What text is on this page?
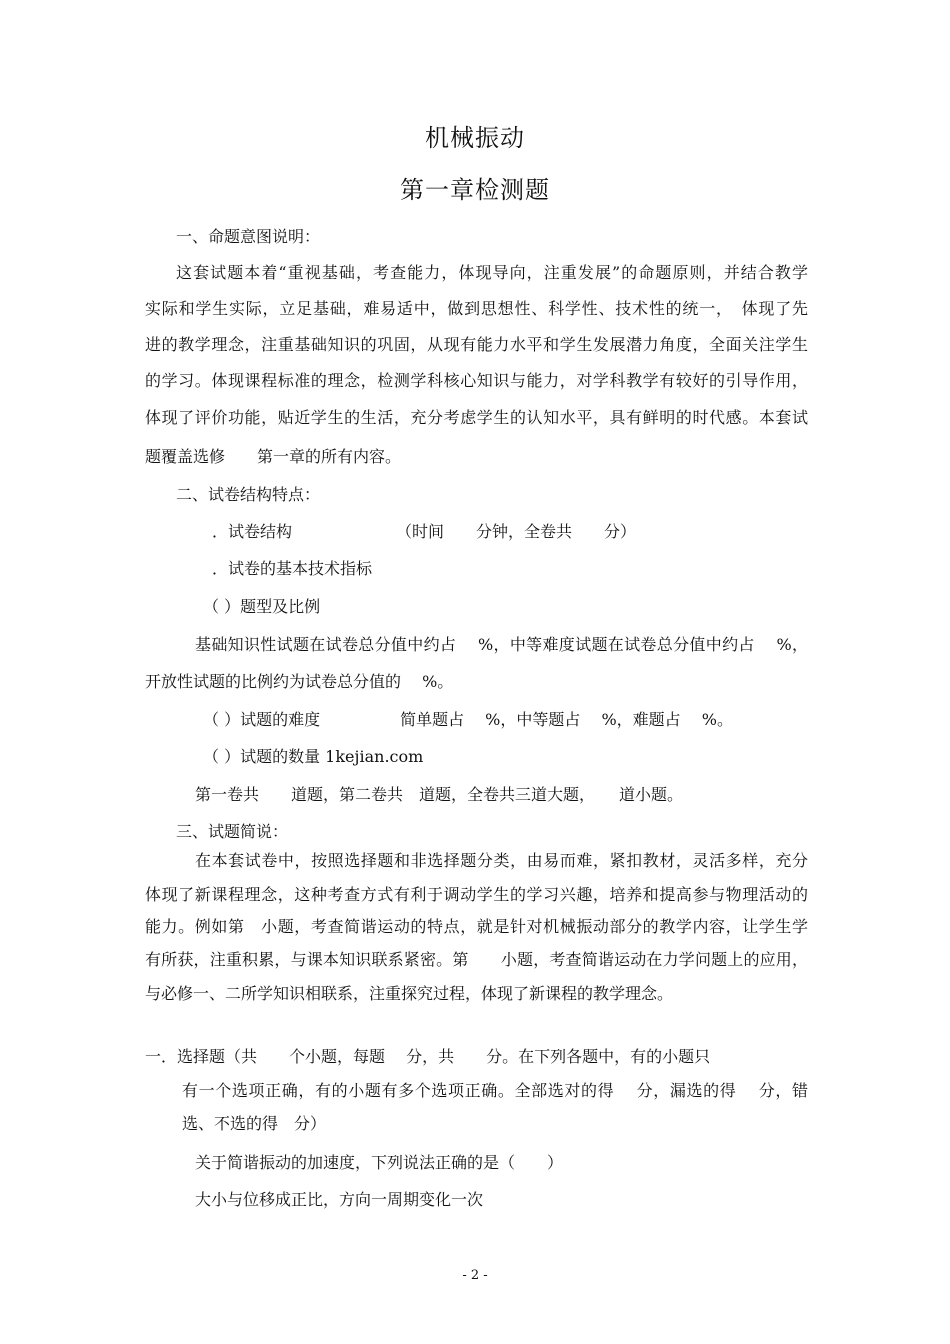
机械振动
第一章检测题
一、命题意图说明：
这套试题本着“重视基础，考查能力，体现导向，注重发展”的命题原则，并结合教学
实际和学生实际，立足基础，难易适中，做到思想性、科学性、技术性的统一，　体现了先
进的教学理念，注重基础知识的巩固，从现有能力水平和学生发展潜力角度，全面关注学生
的学习。体现课程标准的理念，检测学科核心知识与能力，对学科教学有较好的引导作用，
体现了评价功能，贴近学生的生活，充分考虑学生的认知水平，具有鲜明的时代感。本套试
题覆盖选修　　第一章的所有内容。
二、试卷结构特点：
．试卷结构　　　　　　　（时间　　分钟，全卷共　　分）
．试卷的基本技术指标
（ ）题型及比例
基础知识性试题在试卷总分值中约占　 %，中等难度试题在试卷总分值中约占　 %，
开放性试题的比例约为试卷总分值的　 %。
（ ）试题的难度　　　　　简单题占　 %，中等题占　 %，难题占　 %。
（ ）试题的数量 1kejian.com
第一卷共　　道题，第二卷共　道题，全卷共三道大题，　　道小题。
三、试题简说：
在本套试卷中，按照选择题和非选择题分类，由易而难，紧扣教材，灵活多样，充分
体现了新课程理念，这种考查方式有利于调动学生的学习兴趣，培养和提高参与物理活动的
能力。例如第　小题，考查简谐运动的特点，就是针对机械振动部分的教学内容，让学生学
有所获，注重积累，与课本知识联系紧密。第　　小题，考查简谐运动在力学问题上的应用，
与必修一、二所学知识相联系，注重探究过程，体现了新课程的教学理念。
一．选择题（共　　个小题，每题　 分，共　　分。在下列各题中，有的小题只
有一个选项正确，有的小题有多个选项正确。全部选对的得　 分，漏选的得　 分，错
选、不选的得　分）
关于简谐振动的加速度，下列说法正确的是（　　）
大小与位移成正比，方向一周期变化一次
- 2 -
